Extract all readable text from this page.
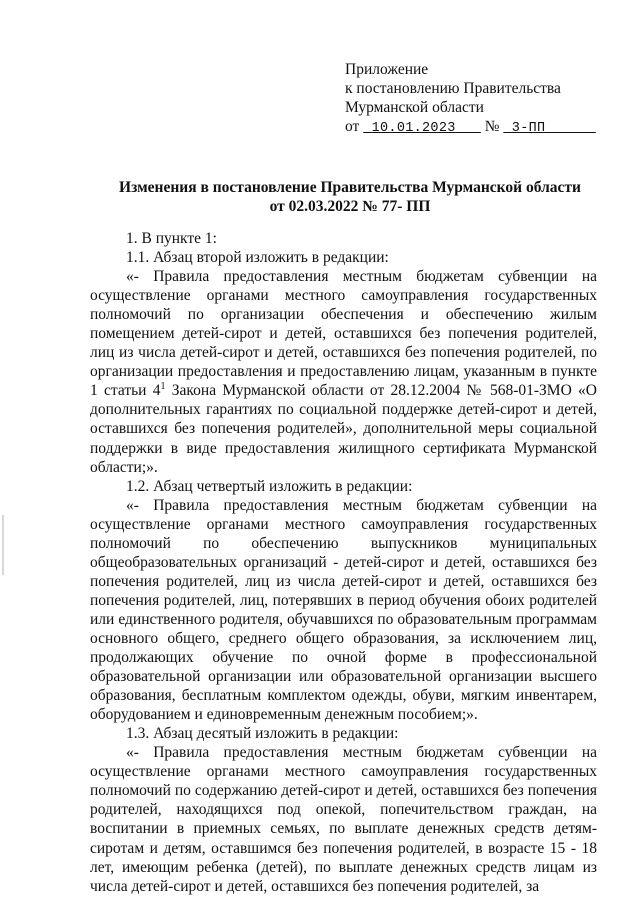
Приложение
к постановлению Правительства
Мурманской области
от 10.01.2023 № 3-ПП
Изменения в постановление Правительства Мурманской области
от 02.03.2022 № 77- ПП

1. В пункте 1:

1.1. Абзац второй изложить в редакции:

«- Правила предоставления местным бюджетам субвенции на осуществление органами местного самоуправления государственных полномочий по организации обеспечения и обеспечению жилым помещением детей-сирот и детей, оставшихся без попечения родителей, лиц из числа детей-сирот и детей, оставшихся без попечения родителей, по организации предоставления и предоставлению лицам, указанным в пункте 1 статьи $4^1$ Закона Мурманской области от 28.12.2004 № 568-01-ЗМО «О дополнительных гарантиях по социальной поддержке детей-сирот и детей, оставшихся без попечения родителей», дополнительной меры социальной поддержки в виде предоставления жилищного сертификата Мурманской области;».

1.2. Абзац четвертый изложить в редакции:

«- Правила предоставления местным бюджетам субвенции на осуществление органами местного самоуправления государственных полномочий по обеспечению выпускников муниципальных общеобразовательных организаций - детей-сирот и детей, оставшихся без попечения родителей, лиц из числа детей-сирот и детей, оставшихся без попечения родителей, лиц, потерявших в период обучения обоих родителей или единственного родителя, обучавшихся по образовательным программам основного общего, среднего общего образования, за исключением лиц, продолжающих обучение по очной форме в профессиональной образовательной организации или образовательной организации высшего образования, бесплатным комплектом одежды, обуви, мягким инвентарем, оборудованием и единовременным денежным пособием;».

1.3. Абзац десятый изложить в редакции:

«- Правила предоставления местным бюджетам субвенции на осуществление органами местного самоуправления государственных полномочий по содержанию детей-сирот и детей, оставшихся без попечения родителей, находящихся под опекой, попечительством граждан, на воспитании в приемных семьях, по выплате денежных средств детям-сиротам и детям, оставшимся без попечения родителей, в возрасте 15 - 18 лет, имеющим ребенка (детей), по выплате денежных средств лицам из числа детей-сирот и детей, оставшихся без попечения родителей, за
